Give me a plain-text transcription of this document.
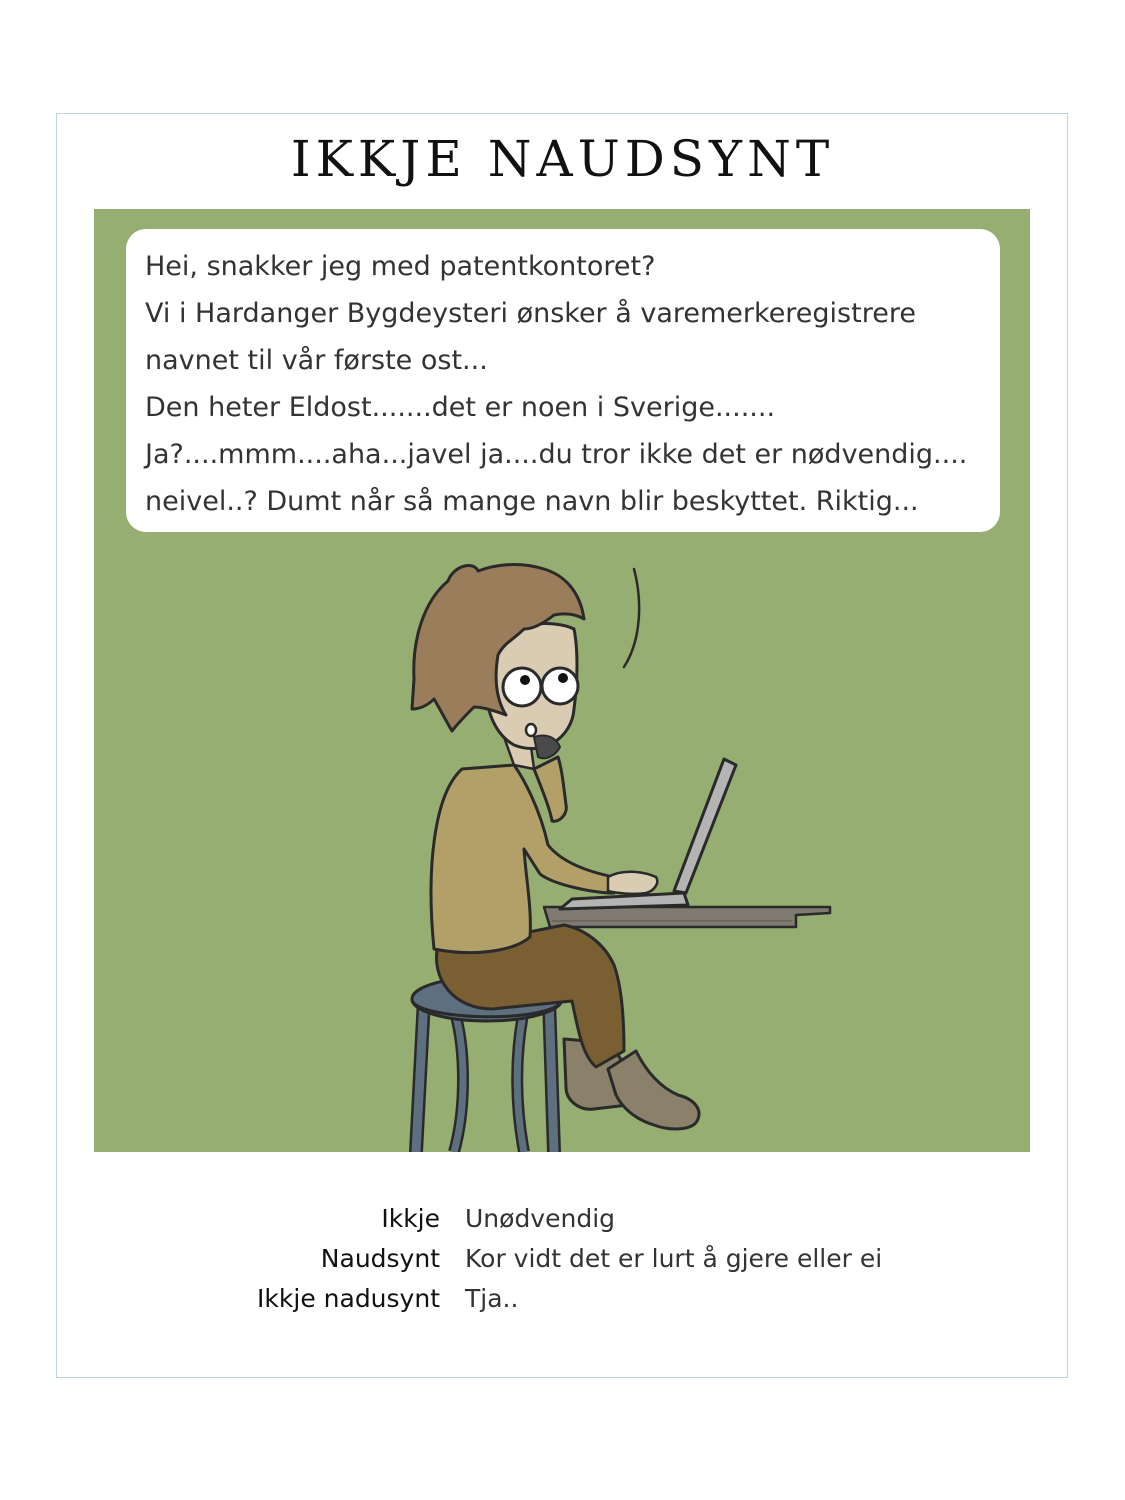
IKKJE NAUDSYNT
Hei, snakker jeg med patentkontoret?
Vi i Hardanger Bygdeysteri ønsker å varemerkeregistrere
navnet til vår første ost...
Den heter Eldost.......det er noen i Sverige.......
Ja?....mmm....aha...javel ja....du tror ikke det er nødvendig....
neivel..? Dumt når så mange navn blir beskyttet. Riktig...
Ikkje Unødvendig
Naudsynt Kor vidt det er lurt å gjere eller ei
Ikkje nadusynt Tja..
